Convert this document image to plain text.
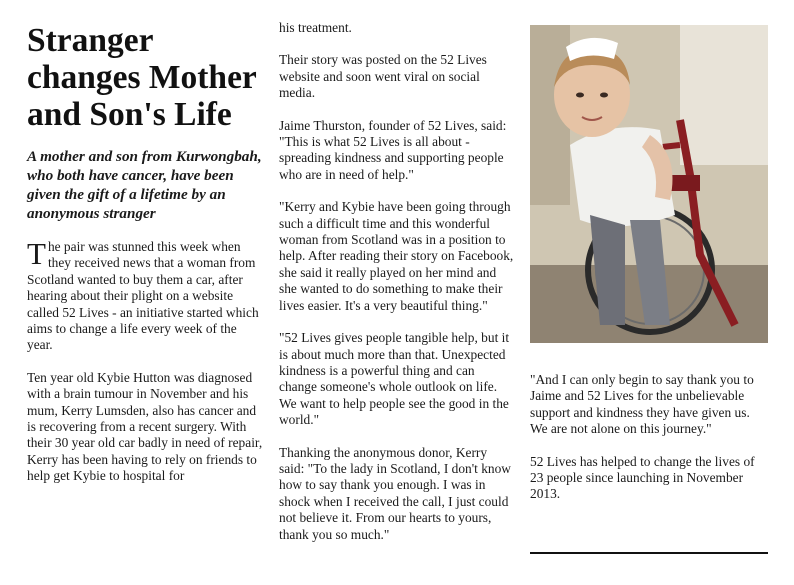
Stranger changes Mother and Son's Life

A mother and son from Kurwongbah, who both have cancer, have been given the gift of a lifetime by an anonymous stranger

The pair was stunned this week when they received news that a woman from Scotland wanted to buy them a car, after hearing about their plight on a website called 52 Lives - an initiative started which aims to change a life every week of the year.

Ten year old Kybie Hutton was diagnosed with a brain tumour in November and his mum, Kerry Lumsden, also has cancer and is recovering from a recent surgery. With their 30 year old car badly in need of repair, Kerry has been having to rely on friends to help get Kybie to hospital for

his treatment.

Their story was posted on the 52 Lives website and soon went viral on social media.

Jaime Thurston, founder of 52 Lives, said: "This is what 52 Lives is all about - spreading kindness and supporting people who are in need of help."

"Kerry and Kybie have been going through such a difficult time and this wonderful woman from Scotland was in a position to help. After reading their story on Facebook, she said it really played on her mind and she wanted to do something to make their lives easier. It's a very beautiful thing."

"52 Lives gives people tangible help, but it is about much more than that. Unexpected kindness is a powerful thing and can change someone's whole outlook on life. We want to help people see the good in the world."

Thanking the anonymous donor, Kerry said: "To the lady in Scotland, I don't know how to say thank you enough. I was in shock when I received the call, I just could not believe it. From our hearts to yours, thank you so much."

"And I can only begin to say thank you to Jaime and 52 Lives for the unbelievable support and kindness they have given us. We are not alone on this journey."

52 Lives has helped to change the lives of 23 people since launching in November 2013.
